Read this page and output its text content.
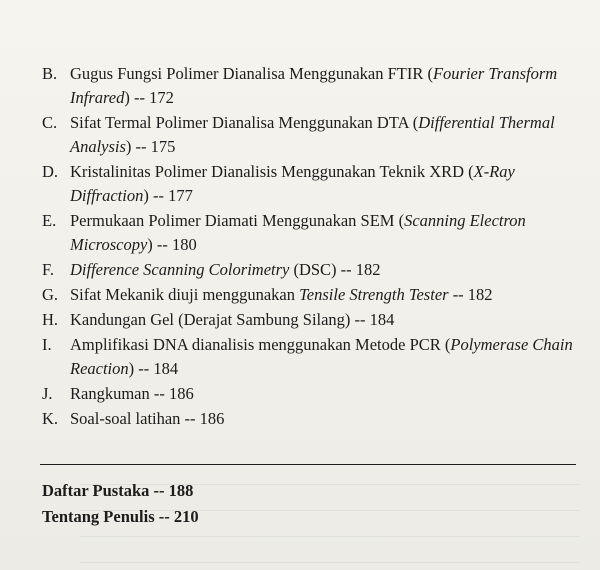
B. Gugus Fungsi Polimer Dianalisa Menggunakan FTIR (Fourier Transform Infrared) -- 172
C. Sifat Termal Polimer Dianalisa Menggunakan DTA (Differential Thermal Analysis) -- 175
D. Kristalinitas Polimer Dianalisis Menggunakan Teknik XRD (X-Ray Diffraction) -- 177
E. Permukaan Polimer Diamati Menggunakan SEM (Scanning Electron Microscopy) -- 180
F. Difference Scanning Colorimetry (DSC) -- 182
G. Sifat Mekanik diuji menggunakan Tensile Strength Tester -- 182
H. Kandungan Gel (Derajat Sambung Silang) -- 184
I.	Amplifikasi DNA dianalisis menggunakan Metode PCR (Polymerase Chain Reaction) -- 184
J.	Rangkuman -- 186
K. Soal-soal latihan -- 186
Daftar Pustaka -- 188
Tentang Penulis -- 210
